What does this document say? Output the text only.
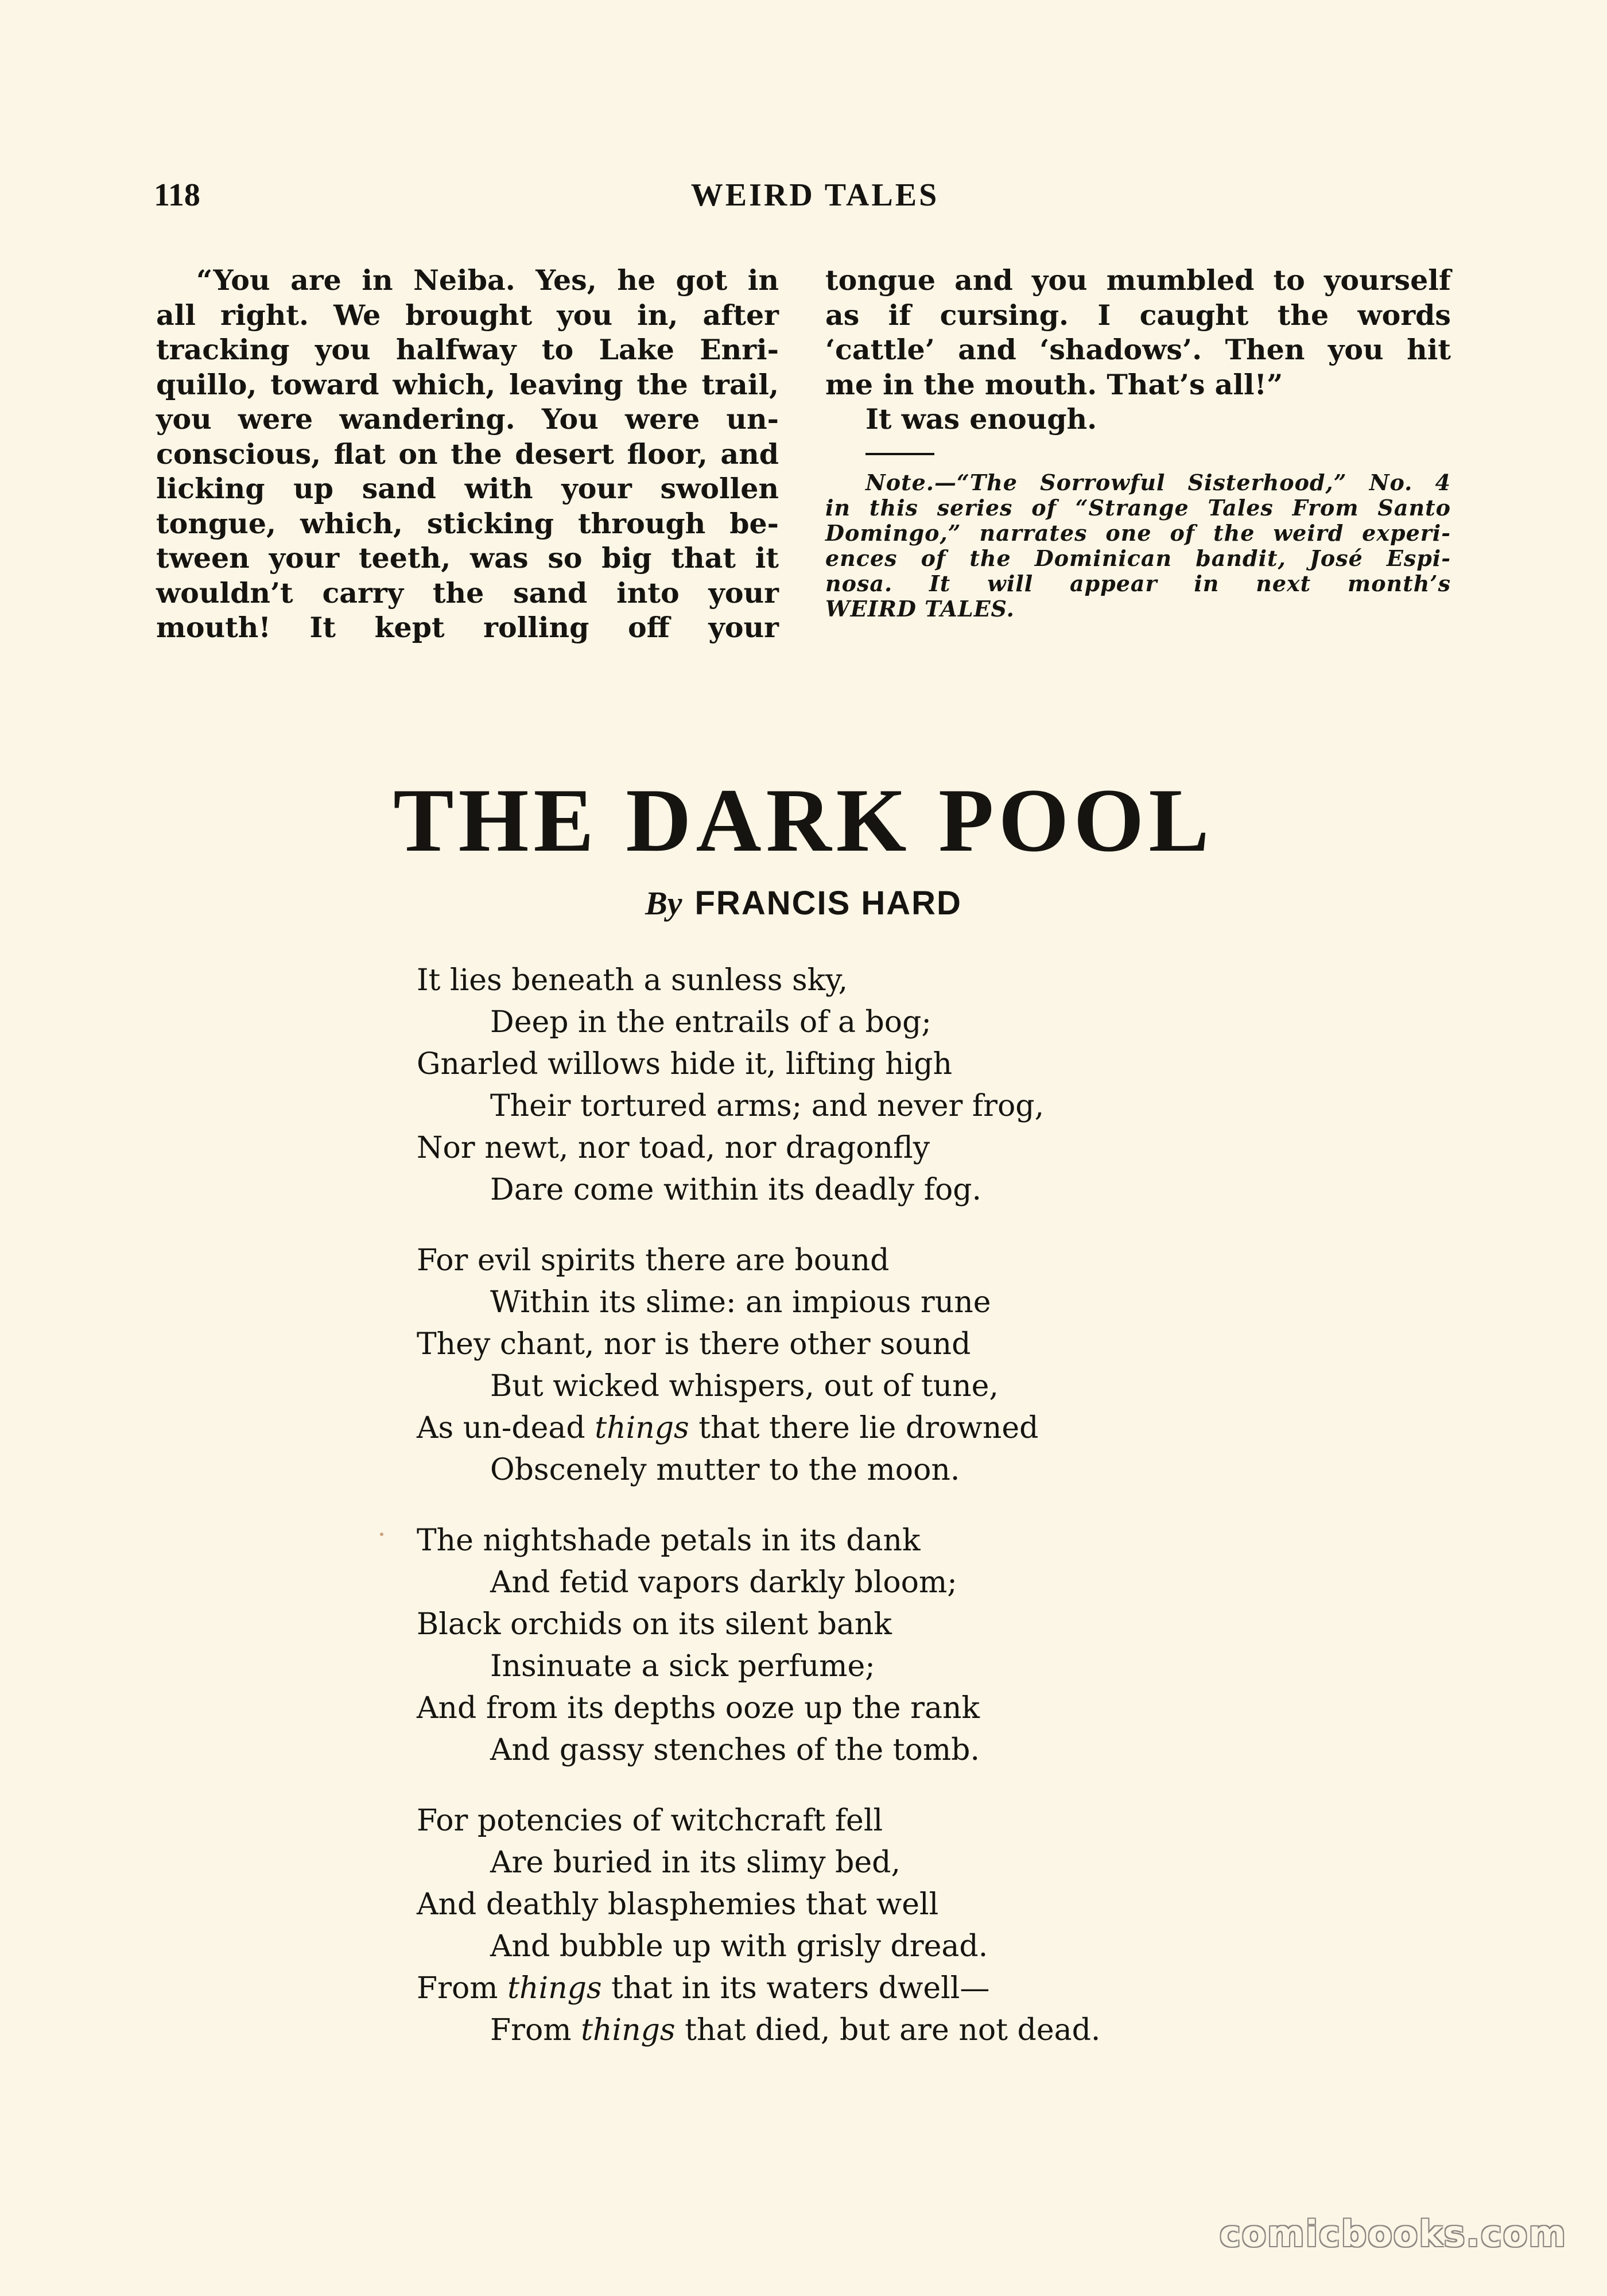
118	WEIRD TALES
“You are in Neiba. Yes, he got in
all right. We brought you in, after
tracking you halfway to Lake Enri-
quillo, toward which, leaving the trail,
you were wandering. You were un-
conscious, flat on the desert floor, and
licking up sand with your swollen
tongue, which, sticking through be-
tween your teeth, was so big that it
wouldn’t carry the sand into your
mouth! It kept rolling off your
tongue and you mumbled to yourself
as if cursing. I caught the words
‘cattle’ and ‘shadows’. Then you hit
me in the mouth. That’s all!”

It was enough.

Note.—“The Sorrowful Sisterhood,” No. 4
in this series of “Strange Tales From Santo
Domingo,” narrates one of the weird experi-
ences of the Dominican bandit, José Espi-
nosa. It will appear in next month’s
WEIRD TALES.
THE DARK POOL
By FRANCIS HARD
It lies beneath a sunless sky,
Deep in the entrails of a bog;
Gnarled willows hide it, lifting high
Their tortured arms; and never frog,
Nor newt, nor toad, nor dragonfly
Dare come within its deadly fog.
For evil spirits there are bound
Within its slime: an impious rune
They chant, nor is there other sound
But wicked whispers, out of tune,
As un-dead things that there lie drowned
Obscenely mutter to the moon.
The nightshade petals in its dank
And fetid vapors darkly bloom;
Black orchids on its silent bank
Insinuate a sick perfume;
And from its depths ooze up the rank
And gassy stenches of the tomb.
For potencies of witchcraft fell
Are buried in its slimy bed,
And deathly blasphemies that well
And bubble up with grisly dread.
From things that in its waters dwell—
From things that died, but are not dead.
comicbooks.com
